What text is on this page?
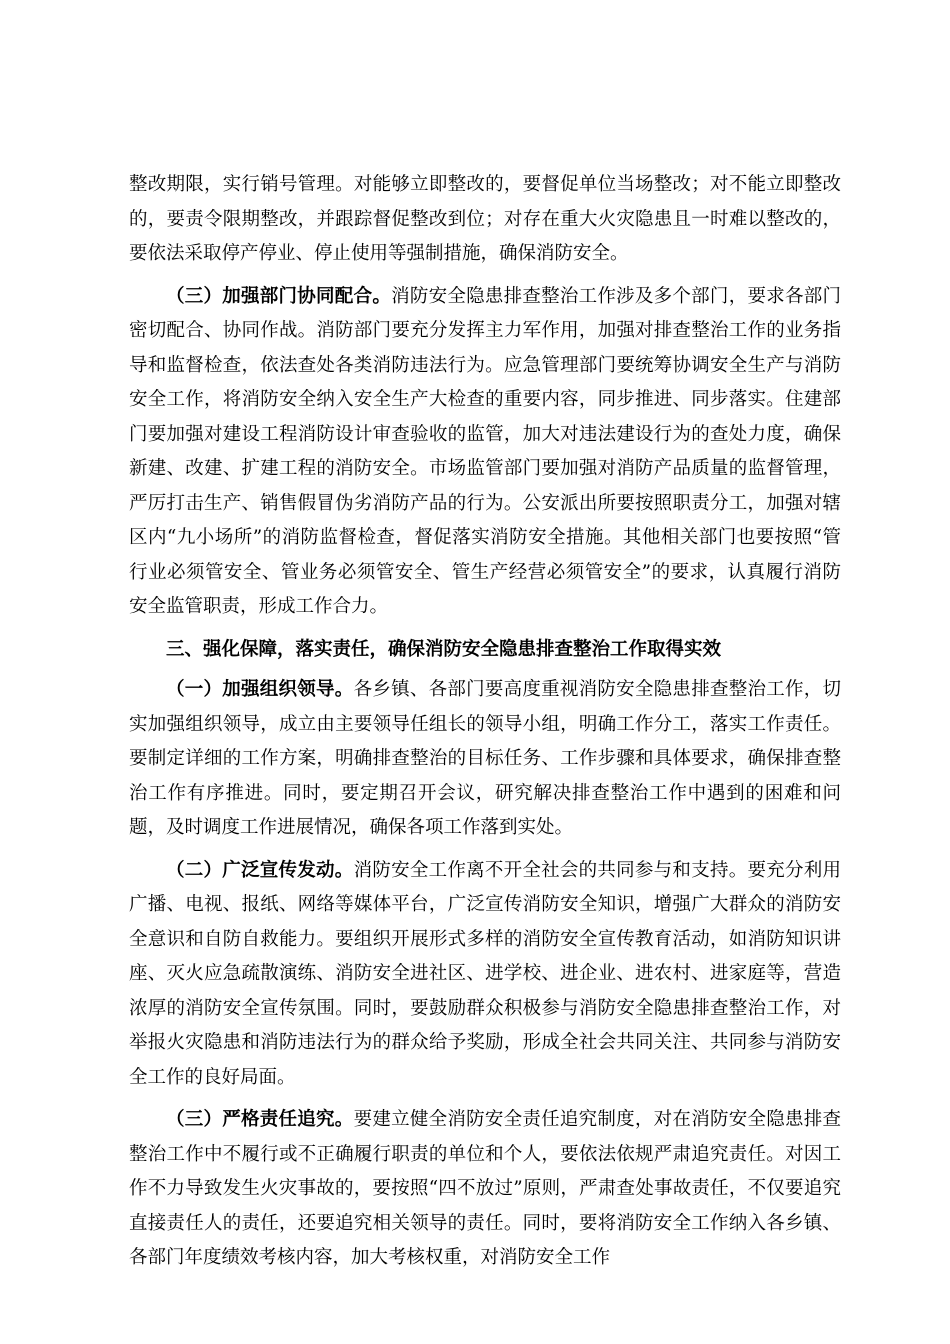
整改期限，实行销号管理。对能够立即整改的，要督促单位当场整改；对不能立即整改的，要责令限期整改，并跟踪督促整改到位；对存在重大火灾隐患且一时难以整改的，要依法采取停产停业、停止使用等强制措施，确保消防安全。

（三）加强部门协同配合。消防安全隐患排查整治工作涉及多个部门，要求各部门密切配合、协同作战。消防部门要充分发挥主力军作用，加强对排查整治工作的业务指导和监督检查，依法查处各类消防违法行为。应急管理部门要统筹协调安全生产与消防安全工作，将消防安全纳入安全生产大检查的重要内容，同步推进、同步落实。住建部门要加强对建设工程消防设计审查验收的监管，加大对违法建设行为的查处力度，确保新建、改建、扩建工程的消防安全。市场监管部门要加强对消防产品质量的监督管理，严厉打击生产、销售假冒伪劣消防产品的行为。公安派出所要按照职责分工，加强对辖区内“九小场所”的消防监督检查，督促落实消防安全措施。其他相关部门也要按照“管行业必须管安全、管业务必须管安全、管生产经营必须管安全”的要求，认真履行消防安全监管职责，形成工作合力。

三、强化保障，落实责任，确保消防安全隐患排查整治工作取得实效

（一）加强组织领导。各乡镇、各部门要高度重视消防安全隐患排查整治工作，切实加强组织领导，成立由主要领导任组长的领导小组，明确工作分工，落实工作责任。要制定详细的工作方案，明确排查整治的目标任务、工作步骤和具体要求，确保排查整治工作有序推进。同时，要定期召开会议，研究解决排查整治工作中遇到的困难和问题，及时调度工作进展情况，确保各项工作落到实处。

（二）广泛宣传发动。消防安全工作离不开全社会的共同参与和支持。要充分利用广播、电视、报纸、网络等媒体平台，广泛宣传消防安全知识，增强广大群众的消防安全意识和自防自救能力。要组织开展形式多样的消防安全宣传教育活动，如消防知识讲座、灭火应急疏散演练、消防安全进社区、进学校、进企业、进农村、进家庭等，营造浓厚的消防安全宣传氛围。同时，要鼓励群众积极参与消防安全隐患排查整治工作，对举报火灾隐患和消防违法行为的群众给予奖励，形成全社会共同关注、共同参与消防安全工作的良好局面。

（三）严格责任追究。要建立健全消防安全责任追究制度，对在消防安全隐患排查整治工作中不履行或不正确履行职责的单位和个人，要依法依规严肃追究责任。对因工作不力导致发生火灾事故的，要按照“四不放过”原则，严肃查处事故责任，不仅要追究直接责任人的责任，还要追究相关领导的责任。同时，要将消防安全工作纳入各乡镇、各部门年度绩效考核内容，加大考核权重，对消防安全工作
